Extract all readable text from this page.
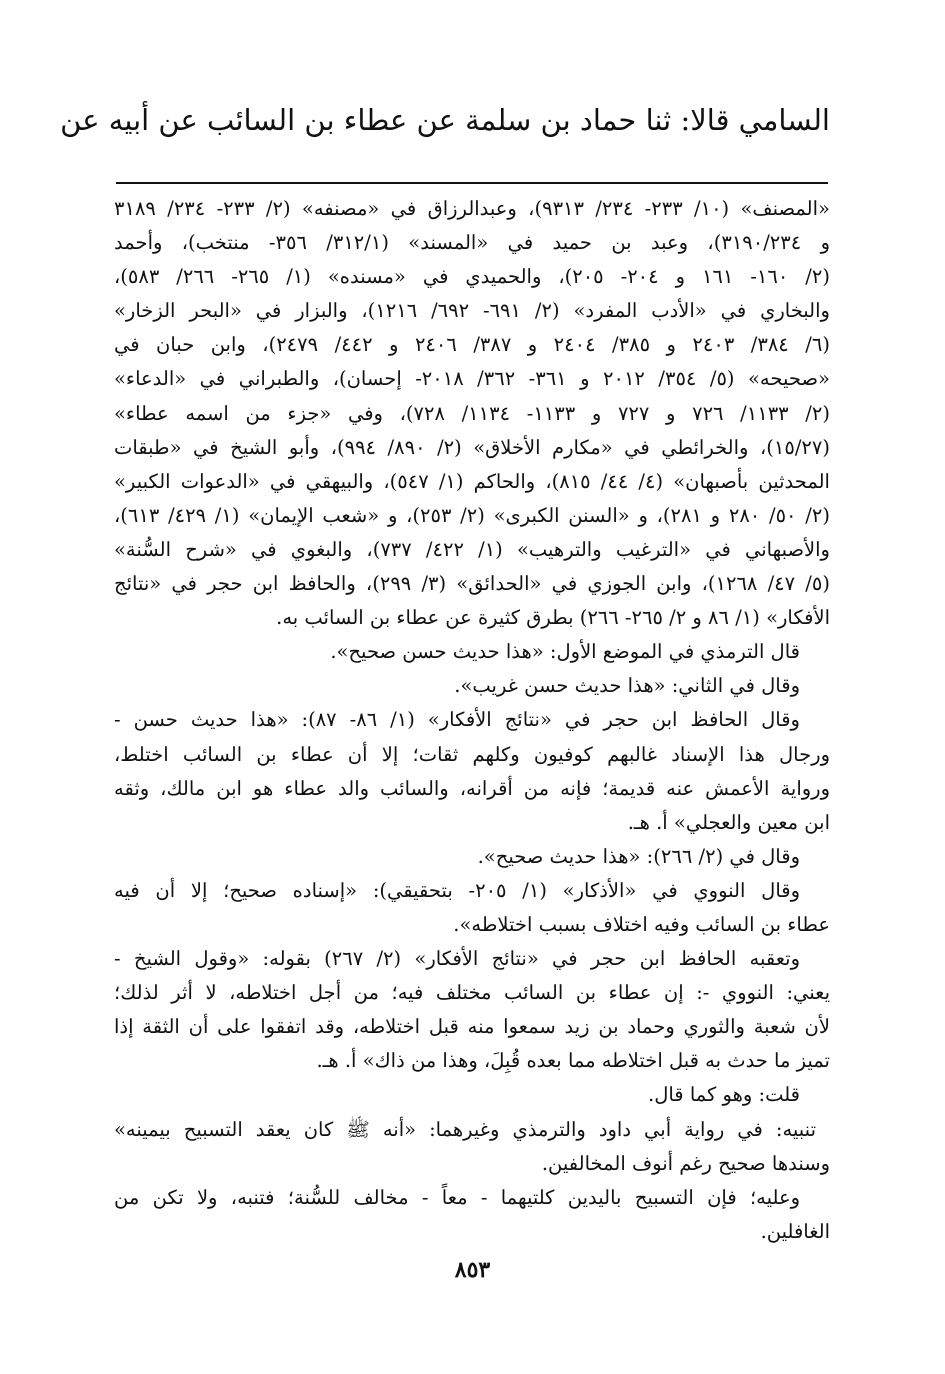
السامي قالا: ثنا حماد بن سلمة عن عطاء بن السائب عن أبيه عن
«المصنف» (١٠/ ٢٣٣- ٢٣٤/ ٩٣١٣)، وعبدالرزاق في «مصنفه» (٢/ ٢٣٣- ٢٣٤/ ٣١٨٩
و ٣١٩٠/٢٣٤)، وعبد بن حميد في «المسند» (٣١٢/١/ ٣٥٦- منتخب)، وأحمد
(٢/ ١٦٠- ١٦١ و ٢٠٤- ٢٠٥)، والحميدي في «مسنده» (١/ ٢٦٥- ٢٦٦/ ٥٨٣)،
والبخاري في «الأدب المفرد» (٢/ ٦٩١- ٦٩٢/ ١٢١٦)، والبزار في «البحر الزخار»
(٦/ ٣٨٤/ ٢٤٠٣ و ٣٨٥/ ٢٤٠٤ و ٣٨٧/ ٢٤٠٦ و ٤٤٢/ ٢٤٧٩)، وابن حبان في
«صحيحه» (٥/ ٣٥٤/ ٢٠١٢ و ٣٦١- ٣٦٢/ ٢٠١٨- إحسان)، والطبراني في «الدعاء»
(٢/ ١١٣٣/ ٧٢٦ و ٧٢٧ و ١١٣٣- ١١٣٤/ ٧٢٨)، وفي «جزء من اسمه عطاء»
(١٥/٢٧)، والخرائطي في «مكارم الأخلاق» (٢/ ٨٩٠/ ٩٩٤)، وأبو الشيخ في «طبقات
المحدثين بأصبهان» (٤/ ٤٤/ ٨١٥)، والحاكم (١/ ٥٤٧)، والبيهقي في «الدعوات الكبير»
(٢/ ٥٠/ ٢٨٠ و ٢٨١)، و «السنن الكبرى» (٢/ ٢٥٣)، و «شعب الإيمان» (١/ ٤٢٩/ ٦١٣)،
والأصبهاني في «الترغيب والترهيب» (١/ ٤٢٢/ ٧٣٧)، والبغوي في «شرح السُّنة»
(٥/ ٤٧/ ١٢٦٨)، وابن الجوزي في «الحدائق» (٣/ ٢٩٩)، والحافظ ابن حجر في «نتائج
الأفكار» (١/ ٨٦ و ٢/ ٢٦٥- ٢٦٦) بطرق كثيرة عن عطاء بن السائب به.
قال الترمذي في الموضع الأول: «هذا حديث حسن صحيح».
وقال في الثاني: «هذا حديث حسن غريب».
وقال الحافظ ابن حجر في «نتائج الأفكار» (١/ ٨٦- ٨٧): «هذا حديث حسن -
ورجال هذا الإسناد غالبهم كوفيون وكلهم ثقات؛ إلا أن عطاء بن السائب اختلط،
ورواية الأعمش عنه قديمة؛ فإنه من أقرانه، والسائب والد عطاء هو ابن مالك، وثقه
ابن معين والعجلي» أ. هـ.
وقال في (٢/ ٢٦٦): «هذا حديث صحيح».
وقال النووي في «الأذكار» (١/ ٢٠٥- بتحقيقي): «إسناده صحيح؛ إلا أن فيه
عطاء بن السائب وفيه اختلاف بسبب اختلاطه».
وتعقبه الحافظ ابن حجر في «نتائج الأفكار» (٢/ ٢٦٧) بقوله: «وقول الشيخ -
يعني: النووي -: إن عطاء بن السائب مختلف فيه؛ من أجل اختلاطه، لا أثر لذلك؛
لأن شعبة والثوري وحماد بن زيد سمعوا منه قبل اختلاطه، وقد اتفقوا على أن الثقة إذا
تميز ما حدث به قبل اختلاطه مما بعده قُبِلَ، وهذا من ذاك» أ. هـ.
قلت: وهو كما قال.
تنبيه: في رواية أبي داود والترمذي وغيرهما: «أنه ﷺ كان يعقد التسبيح بيمينه»
وسندها صحيح رغم أنوف المخالفين.
وعليه؛ فإن التسبيح باليدين كلتيهما - معاً - مخالف للسُّنة؛ فتنبه، ولا تكن من
الغافلين.
٨٥٣
